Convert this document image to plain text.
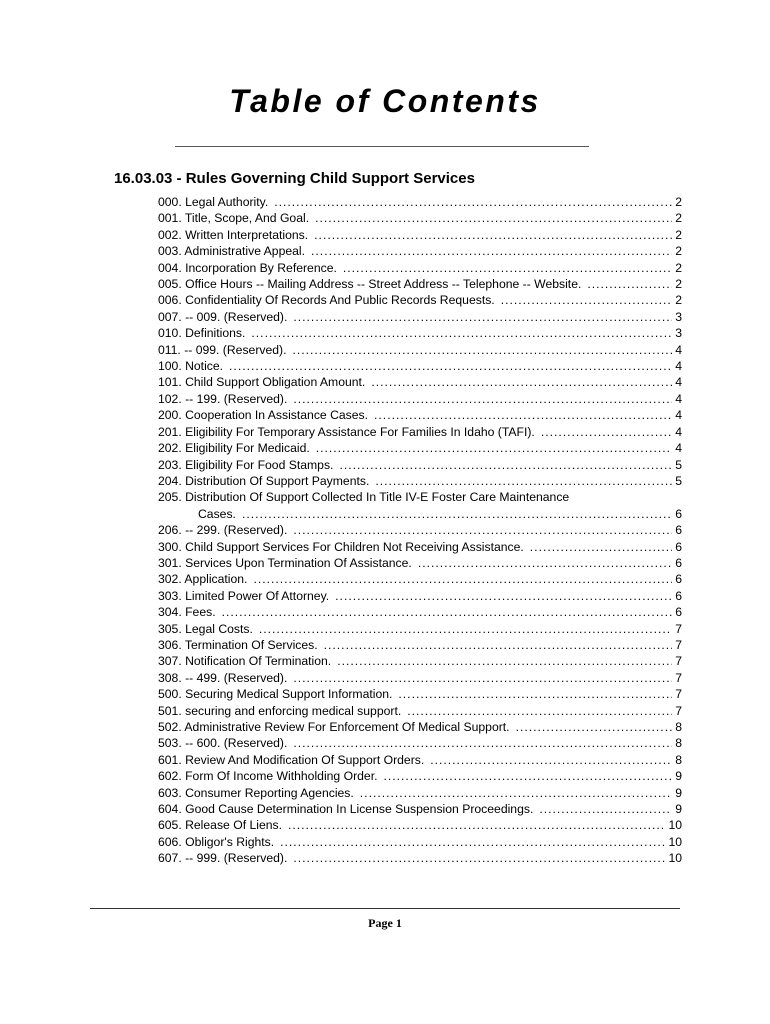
Table of Contents
16.03.03 - Rules Governing Child Support Services
000. Legal Authority. .....	2
001. Title, Scope, And Goal. .....	2
002. Written Interpretations. .....	2
003. Administrative Appeal. .....	2
004. Incorporation By Reference. .....	2
005. Office Hours -- Mailing Address -- Street Address -- Telephone -- Website. .....	2
006. Confidentiality Of Records And Public Records Requests. .....	2
007. -- 009. (Reserved). .....	3
010. Definitions. .....	3
011. -- 099. (Reserved). .....	4
100. Notice. .....	4
101. Child Support Obligation Amount. .....	4
102. -- 199. (Reserved). .....	4
200. Cooperation In Assistance Cases. .....	4
201. Eligibility For Temporary Assistance For Families In Idaho (TAFI). .....	4
202. Eligibility For Medicaid. .....	4
203. Eligibility For Food Stamps. .....	5
204. Distribution Of Support Payments. .....	5
205. Distribution Of Support Collected In Title IV-E Foster Care Maintenance
Cases. .....	6
206. -- 299. (Reserved). .....	6
300. Child Support Services For Children Not Receiving Assistance. .....	6
301. Services Upon Termination Of Assistance. .....	6
302. Application. .....	6
303. Limited Power Of Attorney. .....	6
304. Fees. .....	6
305. Legal Costs. .....	7
306. Termination Of Services. .....	7
307. Notification Of Termination. .....	7
308. -- 499. (Reserved). .....	7
500. Securing Medical Support Information. .....	7
501. securing and enforcing medical support. .....	7
502. Administrative Review For Enforcement Of Medical Support. .....	8
503. -- 600. (Reserved). .....	8
601. Review And Modification Of Support Orders. .....	8
602. Form Of Income Withholding Order. .....	9
603. Consumer Reporting Agencies. .....	9
604. Good Cause Determination In License Suspension Proceedings. .....	9
605. Release Of Liens. .....	10
606. Obligor's Rights. .....	10
607. -- 999. (Reserved). .....	10
Page 1
